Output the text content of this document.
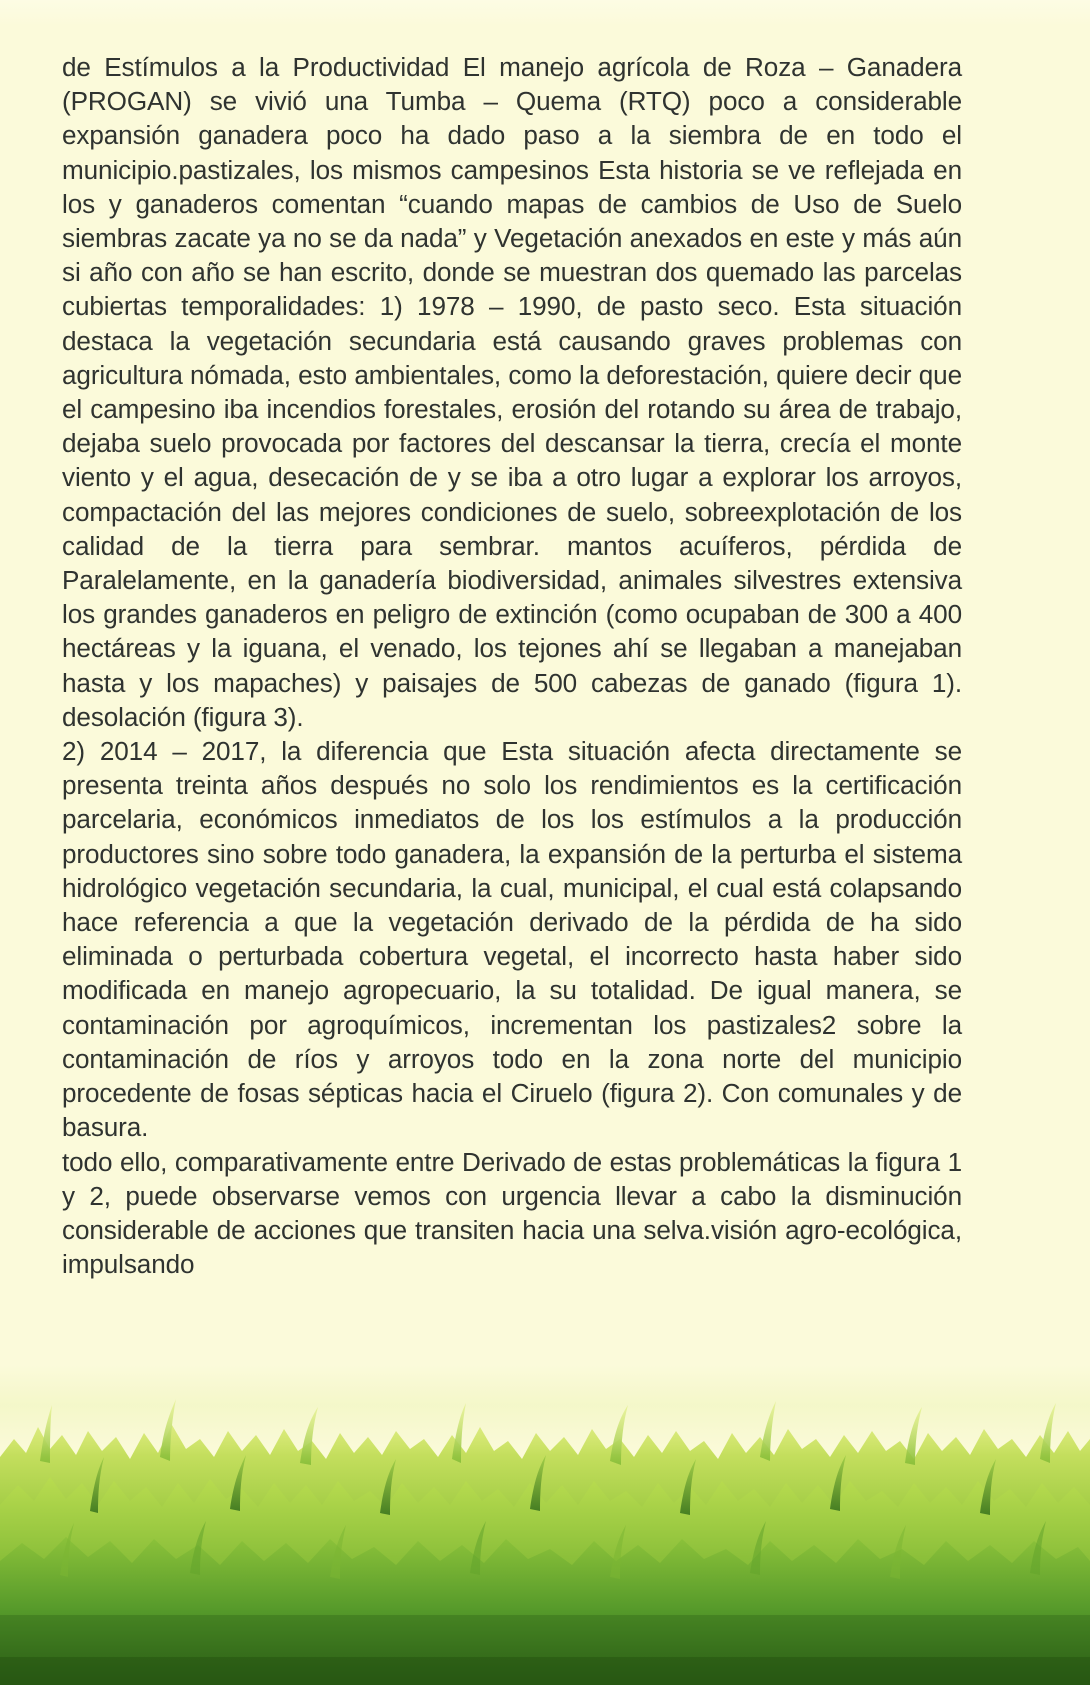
de Estímulos a la Productividad El manejo agrícola de Roza – Ganadera (PROGAN) se vivió una Tumba – Quema (RTQ) poco a considerable expansión ganadera poco ha dado paso a la siembra de en todo el municipio.pastizales, los mismos campesinos Esta historia se ve reflejada en los y ganaderos comentan “cuando mapas de cambios de Uso de Suelo siembras zacate ya no se da nada” y Vegetación anexados en este y más aún si año con año se han escrito, donde se muestran dos quemado las parcelas cubiertas temporalidades: 1) 1978 – 1990, de pasto seco. Esta situación destaca la vegetación secundaria está causando graves problemas con agricultura nómada, esto ambientales, como la deforestación, quiere decir que el campesino iba incendios forestales, erosión del rotando su área de trabajo, dejaba suelo provocada por factores del descansar la tierra, crecía el monte viento y el agua, desecación de y se iba a otro lugar a explorar los arroyos, compactación del las mejores condiciones de suelo, sobreexplotación de los calidad de la tierra para sembrar. mantos acuíferos, pérdida de Paralelamente, en la ganadería biodiversidad, animales silvestres extensiva los grandes ganaderos en peligro de extinción (como ocupaban de 300 a 400 hectáreas y la iguana, el venado, los tejones ahí se llegaban a manejaban hasta y los mapaches) y paisajes de 500 cabezas de ganado (figura 1). desolación (figura 3).

2) 2014 – 2017, la diferencia que Esta situación afecta directamente se presenta treinta años después no solo los rendimientos es la certificación parcelaria, económicos inmediatos de los los estímulos a la producción productores sino sobre todo ganadera, la expansión de la perturba el sistema hidrológico vegetación secundaria, la cual, municipal, el cual está colapsando hace referencia a que la vegetación derivado de la pérdida de ha sido eliminada o perturbada cobertura vegetal, el incorrecto hasta haber sido modificada en manejo agropecuario, la su totalidad. De igual manera, se contaminación por agroquímicos, incrementan los pastizales2 sobre la contaminación de ríos y arroyos todo en la zona norte del municipio procedente de fosas sépticas hacia el Ciruelo (figura 2). Con comunales y de basura.

todo ello, comparativamente entre Derivado de estas problemáticas la figura 1 y 2, puede observarse vemos con urgencia llevar a cabo la disminución considerable de acciones que transiten hacia una selva.visión agro-ecológica, impulsando
